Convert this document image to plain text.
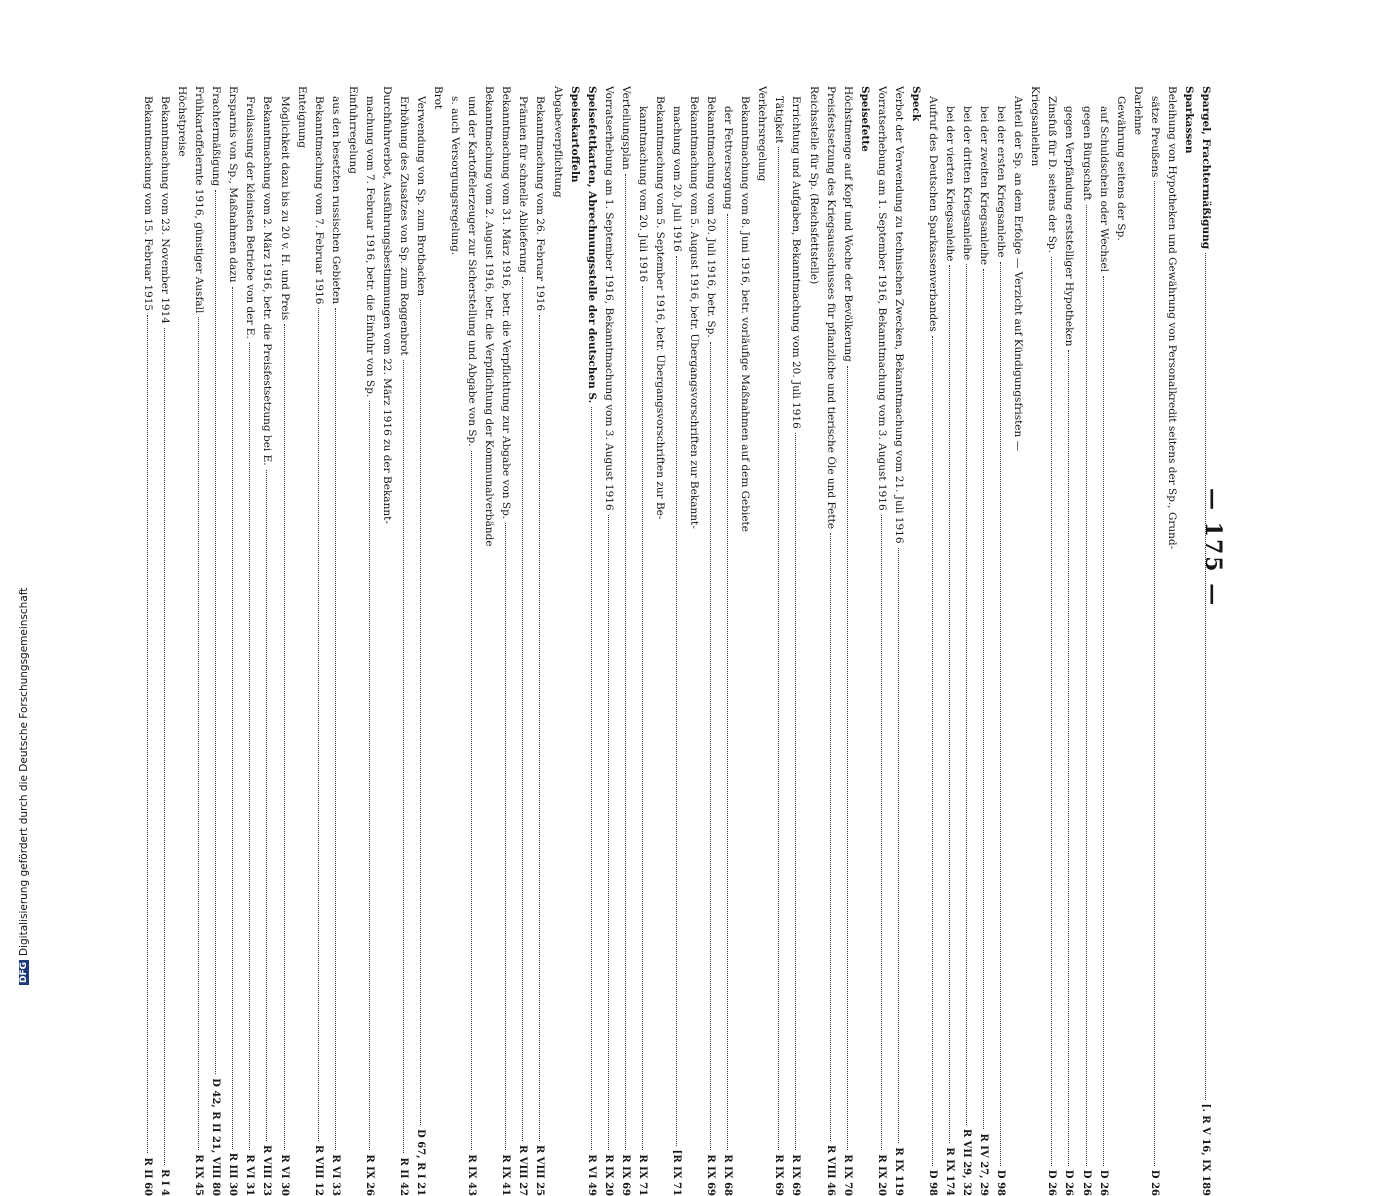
— 175 —
Spargel, Frachtermäßigung
[. R V 16, IX 189
Sparkassen
Beleihung von Hypotheken und Gewährung von Personalkredit seitens der Sp., Grund-
sätze Preußens
D 26
Darlehne
Gewährung seitens der Sp.
auf Schuldschein oder Wechsel
D 26
gegen Bürgschaft
D 26
gegen Verpfändung erststelliger Hypotheken
D 26
Zinsfuß für D. seitens der Sp.
D 26
Kriegsanleihen
Anteil der Sp. an dem Erfolge — Verzicht auf Kündigungsfristen —
bei der ersten Kriegsanleihe
D 98
bei der zweiten Kriegsanleihe
R IV 27, 29
bei der dritten Kriegsanleihe
R VII 29, 32
bei der vierten Kriegsanleihe
R IX 174
Aufruf des Deutschen Sparkassenverbandes
D 98
Speck
Verbot der Verwendung zu technischen Zwecken, Bekanntmachung vom 21. Juli 1916
R IX 119
Vorratserhebung am 1. September 1916, Bekanntmachung vom 3. August 1916
R IX 20
Speisefette
Höchstmenge auf Kopf und Woche der Bevölkerung
R IX 70
Preisfestsetzung des Kriegsausschusses für pflanzliche und tierische Öle und Fette
R VIII 46
Reichsstelle für Sp. (Reichsfettstelle)
Errichtung und Aufgaben, Bekanntmachung vom 20. Juli 1916
R IX 69
Tätigkeit
R IX 69
Verkehrsregelung
Bekanntmachung vom 8. Juni 1916, betr. vorläufige Maßnahmen auf dem Gebiete
der Fettversorgung
R IX 68
Bekanntmachung vom 20. Juli 1916, betr. Sp.
R IX 69
Bekanntmachung vom 5. August 1916, betr. Übergangsvorschriften zur Bekannt-
machung vom 20. Juli 1916
[R IX 71
Bekanntmachung vom 5. September 1916, betr. Übergangsvorschriften zur Be-
kanntmachung vom 20. Juli 1916
R IX 71
Verteilungsplan
R IX 69
Vorratserhebung am 1. September 1916, Bekanntmachung vom 3. August 1916
R IX 20
Speisefettkarten, Abrechnungsstelle der deutschen S.
R VI 49
Speisekartoffeln
Abgabeverpflichtung
Bekanntmachung vom 26. Februar 1916
R VIII 25
Prämien für schnelle Ablieferung
R VIII 27
Bekanntmachung vom 31. März 1916, betr. die Verpflichtung zur Abgabe von Sp.
R IX 41
Bekanntmachung vom 2. August 1916, betr. die Verpflichtung der Kommunalverbände
und der Kartoffelerzeuger zur Sicherstellung und Abgabe von Sp.
R IX 43
s. auch Versorgungsregelung.
Brot
Verwendung von Sp. zum Brotbacken
D 67, R I 21
Erhöhung des Zusatzes von Sp. zum Roggenbrot
R II 42
Durchfuhrverbot, Ausführungsbestimmungen vom 22. März 1916 zu der Bekannt-
machung vom 7. Februar 1916, betr. die Einfuhr von Sp.
R IX 26
Einfuhrregelung
aus den besetzten russischen Gebieten
R VI 33
Bekanntmachung vom 7. Februar 1916
R VIII 12
Enteignung
Möglichkeit dazu bis zu 20 v. H. und Preis
R VI 30
Bekanntmachung vom 2. März 1916, betr. die Preisfestsetzung bei E.
R VIII 23
Freilassung der kleinsten Betriebe von der E.
R VI 31
Ersparnis von Sp., Maßnahmen dazu
R III 30
Frachtermäßigung
D 42, R II 21, VIII 80
Frühkartoffelernte 1916, günstiger Ausfall
R IX 45
Höchstpreise
Bekanntmachung vom 23. November 1914
R I 4
Bekanntmachung vom 15. Februar 1915
R II 60
DFG
Digitalisierung gefördert durch die Deutsche Forschungsgemeinschaft
